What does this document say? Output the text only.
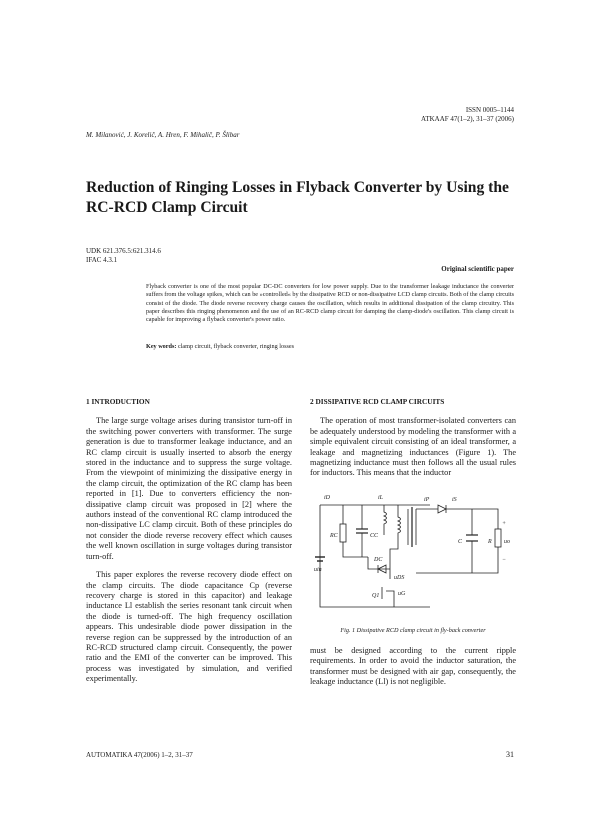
ISSN 0005–1144
ATKAAF 47(1–2), 31–37 (2006)
M. Milanović, J. Korelič, A. Hren, F. Mihalič, P. Šlibar
Reduction of Ringing Losses in Flyback Converter by Using the RC-RCD Clamp Circuit
UDK 621.376.5:621.314.6
IFAC 4.3.1
Original scientific paper

Flyback converter is one of the most popular DC-DC converters for low power supply. Due to the transformer leakage inductance the converter suffers from the voltage spikes, which can be »controlled« by the dissipative RCD or non-dissipative LCD clamp circuits. Both of the clamp circuits consist of the diode. The diode reverse recovery charge causes the oscillation, which results in additional dissipation of the clamp circuitry. This paper describes this ringing phenomenon and the use of an RC-RCD clamp circuit for damping the clamp-diode's oscillation. This clamp circuit is capable for improving a flyback converter's power ratio.

Key words: clamp circuit, flyback converter, ringing losses
1 INTRODUCTION

The large surge voltage arises during transistor turn-off in the switching power converters with transformer. The surge generation is due to transformer leakage inductance, and an RC clamp circuit is usually inserted to absorb the energy stored in the inductance and to suppress the surge voltage. From the viewpoint of minimizing the dissipative energy in the clamp circuit, the optimization of the RC clamp has been reported in [1]. Due to converters efficiency the non-dissipative clamp circuit was proposed in [2] where the authors instead of the conventional RC clamp introduced the non-dissipative LC clamp circuit. Both of these principles do not consider the diode reverse recovery effect which causes the well known oscillation in surge voltages during transistor turn-off.

This paper explores the reverse recovery diode effect on the clamp circuits. The diode capacitance Cp (reverse recovery charge is stored in this capacitor) and leakage inductance Ll establish the series resonant tank circuit when the diode is turned-off. The high frequency oscillation appears. This undesirable diode power dissipation in the reverse region can be suppressed by the introduction of an RC-RCD structured clamp circuit. Consequently, the power ratio and the EMI of the converter can be improved. This process was investigated by simulation, and verified experimentally.

2 DISSIPATIVE RCD CLAMP CIRCUITS

The operation of most transformer-isolated converters can be adequately understood by modeling the transformer with a simple equivalent circuit consisting of an ideal transformer, a leakage and magnetizing inductances (Figure 1). The magnetizing inductance must then follows all the usual rules for inductors. This means that the inductor

iD	iL	iP	iS
RC	CC
DC
C	R
uin
uo
uDS
Q1	uG
+
−
Fig. 1 Dissipative RCD clamp circuit in fly-back converter

must be designed according to the current ripple requirements. In order to avoid the inductor saturation, the transformer must be designed with air gap, consequently, the leakage inductance (Ll) is not negligible.

AUTOMATIKA 47(2006) 1–2, 31–37	31
